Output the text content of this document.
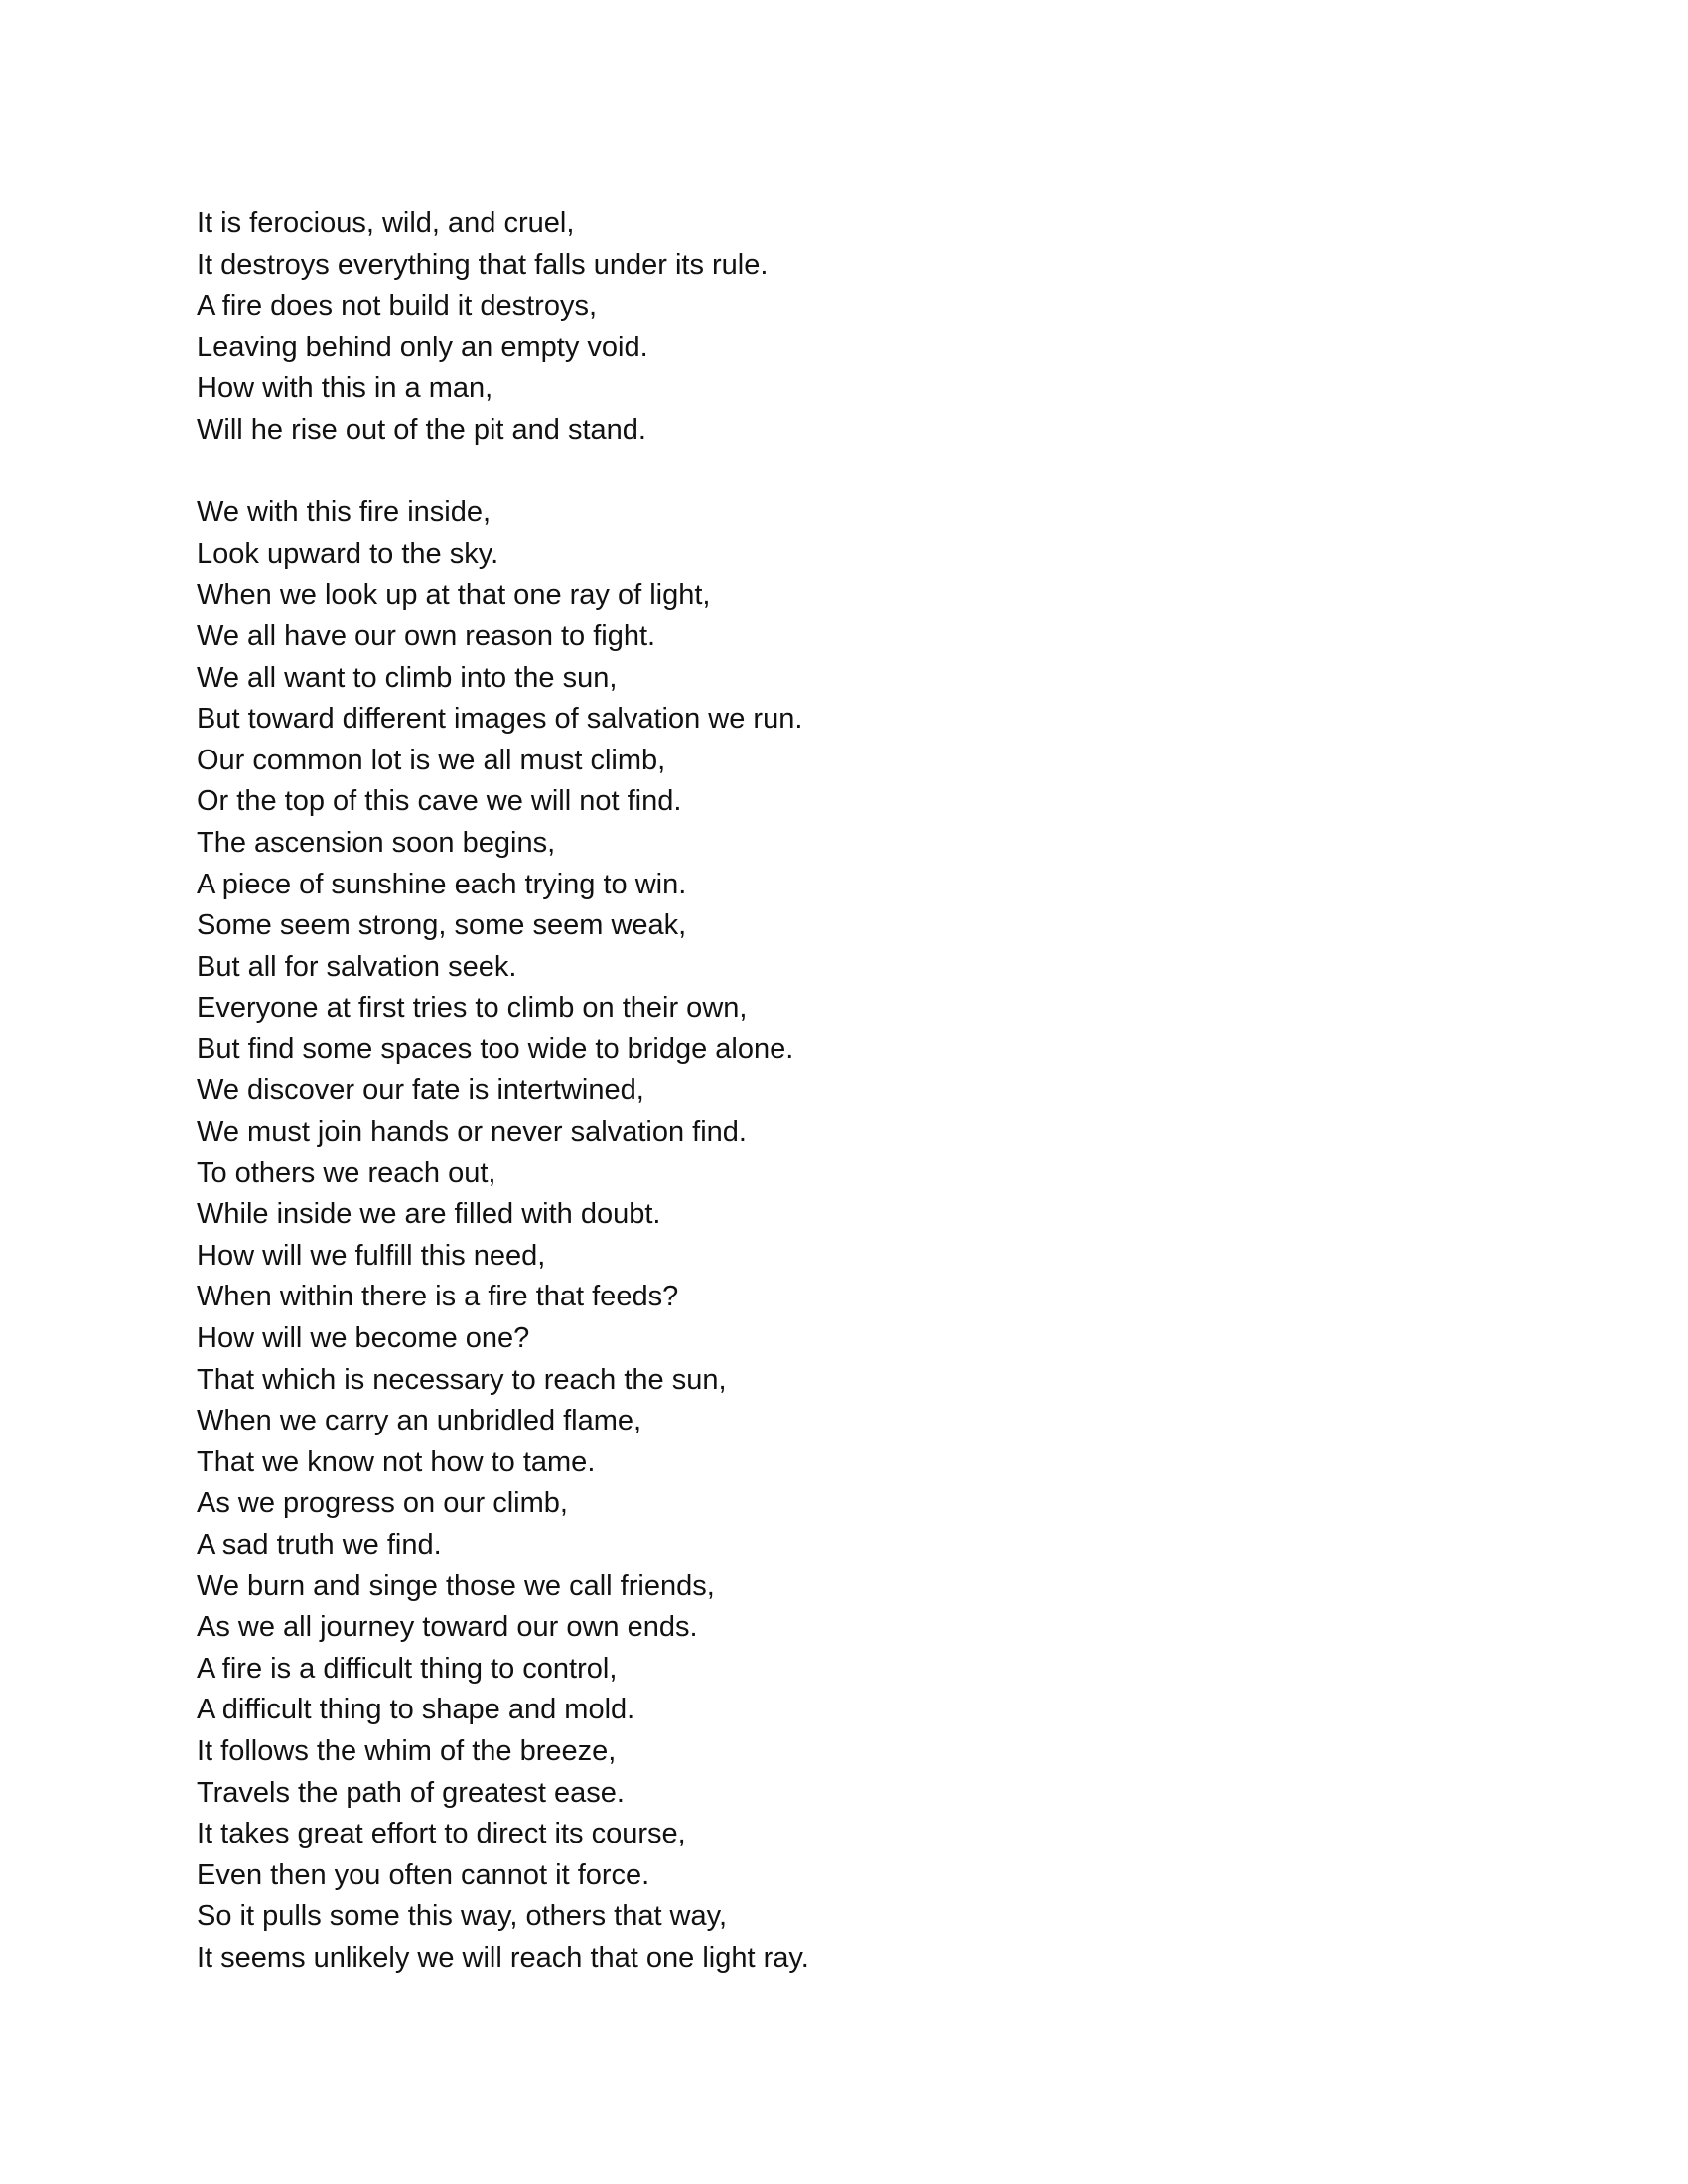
It is ferocious, wild, and cruel,
It destroys everything that falls under its rule.
A fire does not build it destroys,
Leaving behind only an empty void.
How with this in a man,
Will he rise out of the pit and stand.
We with this fire inside,
Look upward to the sky.
When we look up at that one ray of light,
We all have our own reason to fight.
We all want to climb into the sun,
But toward different images of salvation we run.
Our common lot is we all must climb,
Or the top of this cave we will not find.
The ascension soon begins,
A piece of sunshine each trying to win.
Some seem strong, some seem weak,
But all for salvation seek.
Everyone at first tries to climb on their own,
But find some spaces too wide to bridge alone.
We discover our fate is intertwined,
We must join hands or never salvation find.
To others we reach out,
While inside we are filled with doubt.
How will we fulfill this need,
When within there is a fire that feeds?
How will we become one?
That which is necessary to reach the sun,
When we carry an unbridled flame,
That we know not how to tame.
As we progress on our climb,
A sad truth we find.
We burn and singe those we call friends,
As we all journey toward our own ends.
A fire is a difficult thing to control,
A difficult thing to shape and mold.
It follows the whim of the breeze,
Travels the path of greatest ease.
It takes great effort to direct its course,
Even then you often cannot it force.
So it pulls some this way, others that way,
It seems unlikely we will reach that one light ray.
